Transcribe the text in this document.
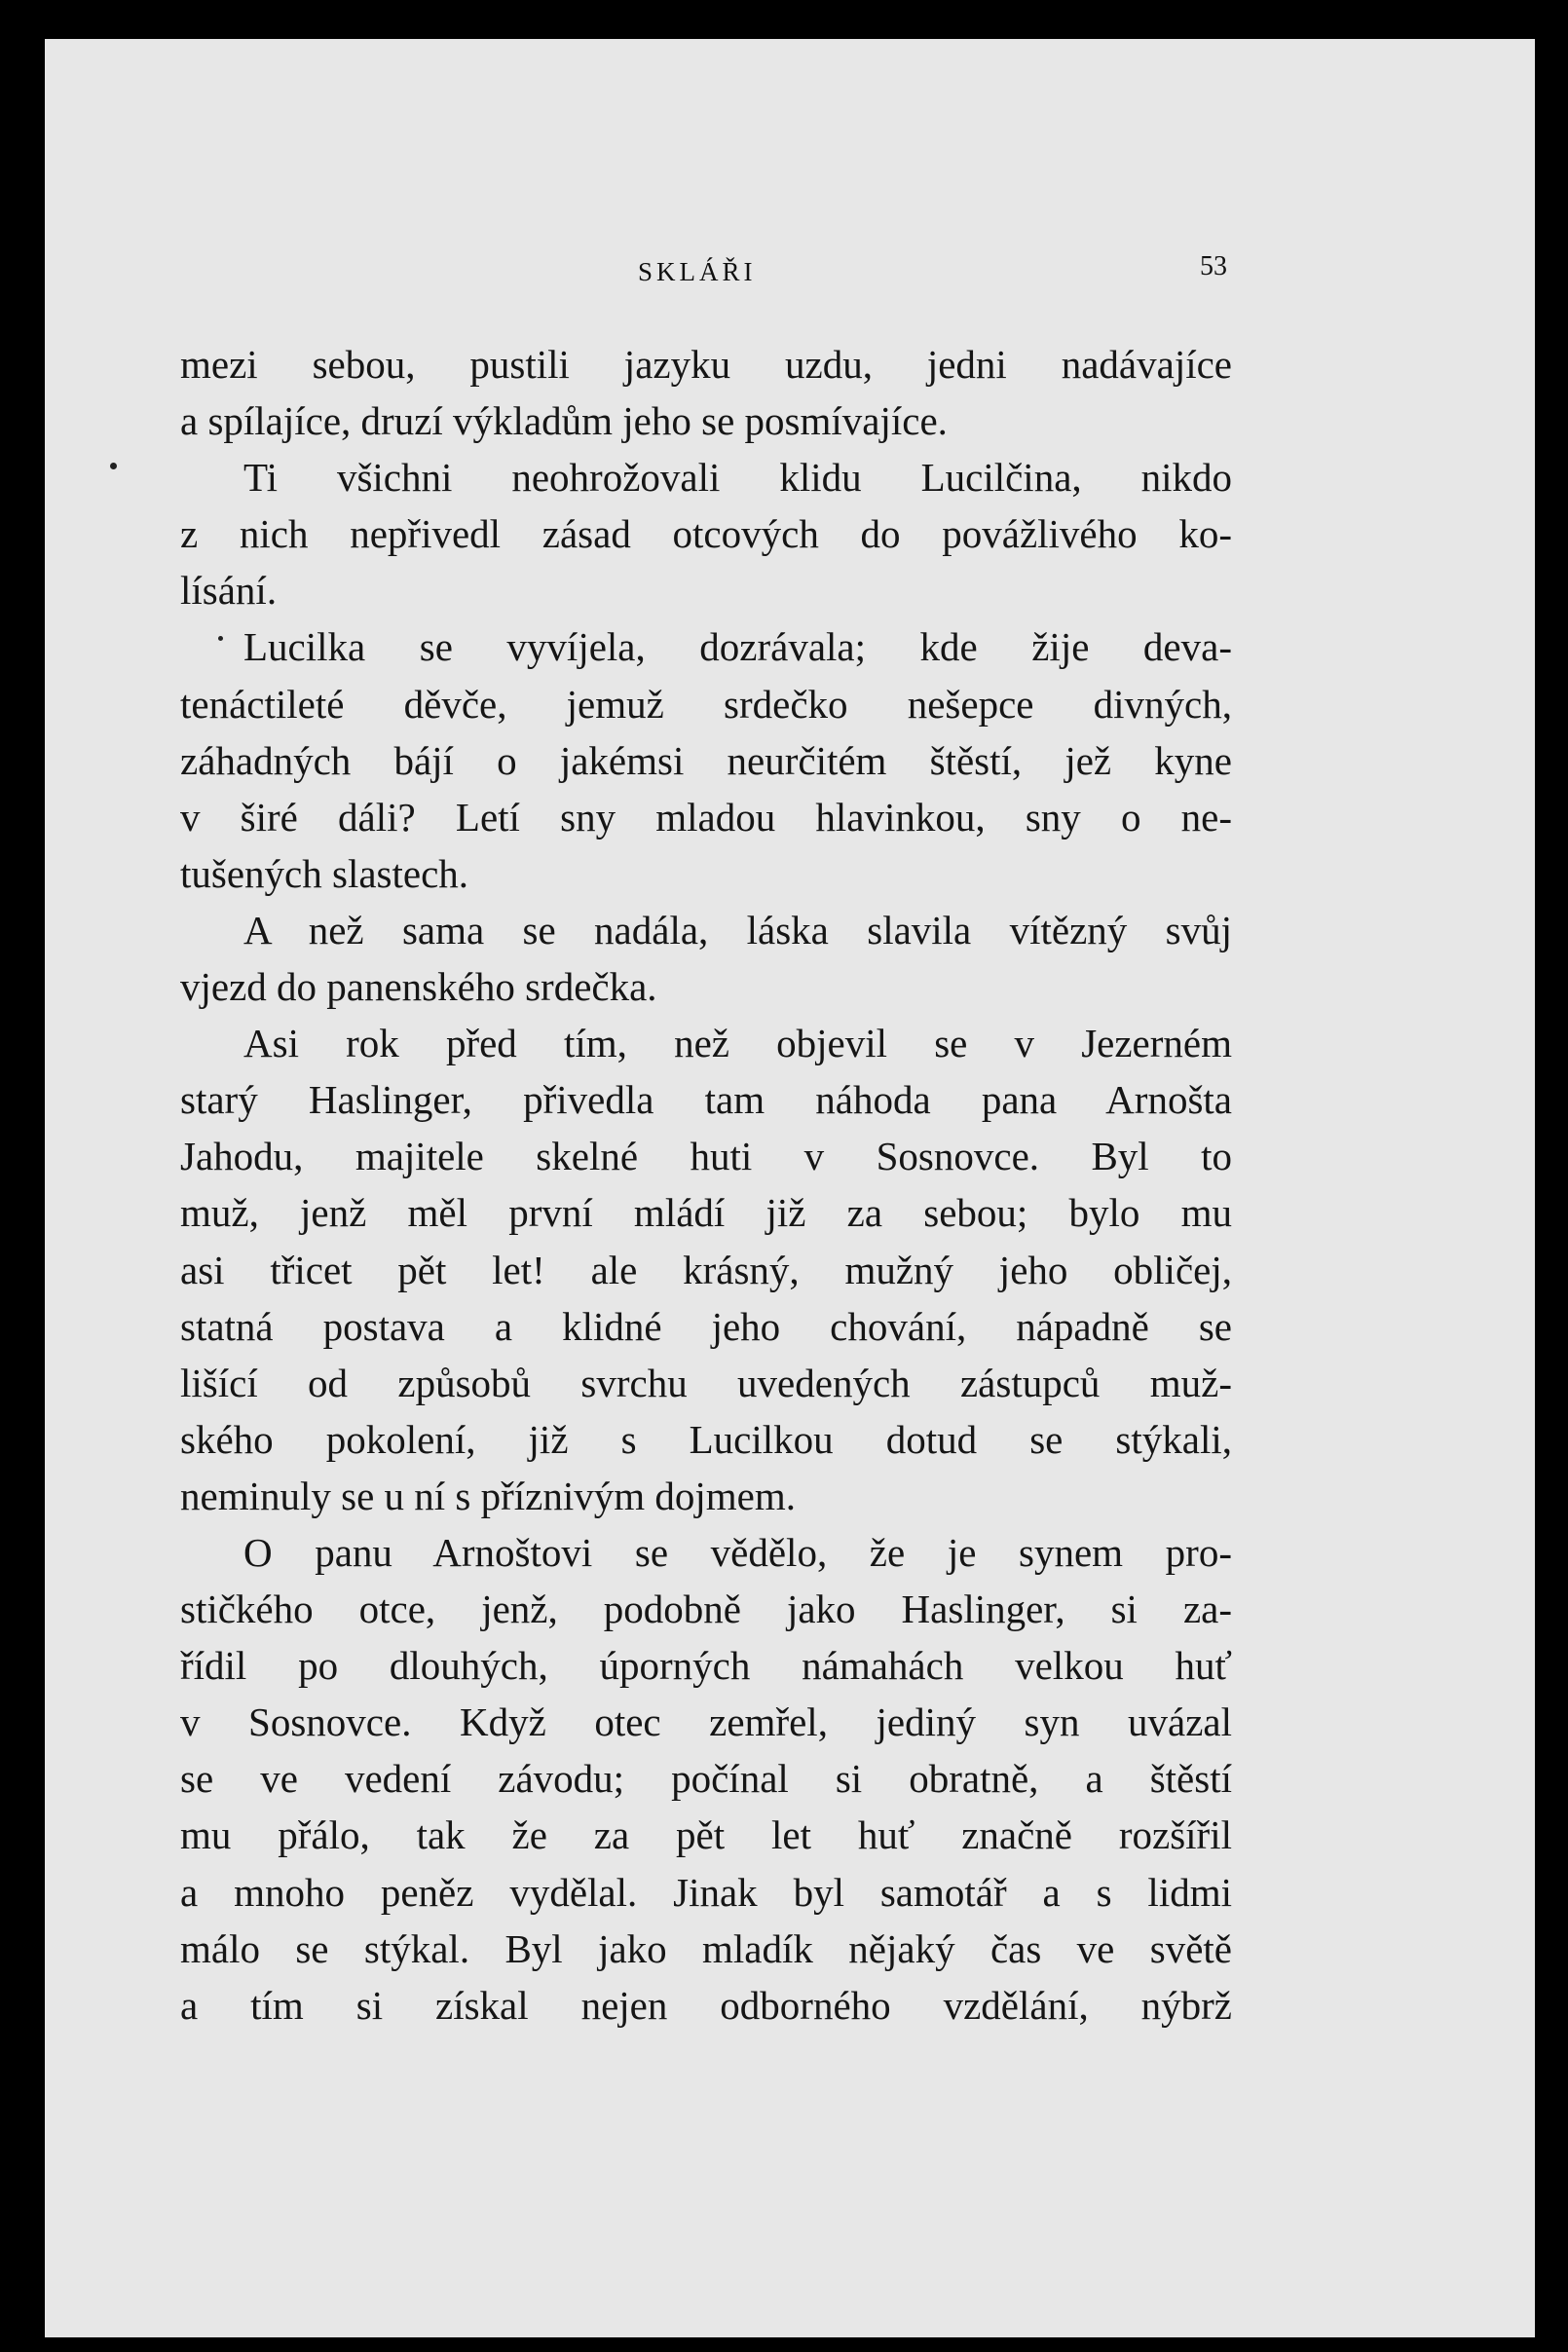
SKLÁŘI	53
mezi sebou, pustili jazyku uzdu, jedni nadávajíce
a spílajíce, druzí výkladům jeho se posmívajíce.
Ti všichni neohrožovali klidu Lucilčina, nikdo
z nich nepřivedl zásad otcových do povážlivého ko-
lísání.
Lucilka se vyvíjela, dozrávala; kde žije deva-
tenáctileté děvče, jemuž srdečko nešepce divných,
záhadných bájí o jakémsi neurčitém štěstí, jež kyne
v širé dáli? Letí sny mladou hlavinkou, sny o ne-
tušených slastech.
A než sama se nadála, láska slavila vítězný svůj
vjezd do panenského srdečka.
Asi rok před tím, než objevil se v Jezerném
starý Haslinger, přivedla tam náhoda pana Arnošta
Jahodu, majitele skelné huti v Sosnovce. Byl to
muž, jenž měl první mládí již za sebou; bylo mu
asi třicet pět let! ale krásný, mužný jeho obličej,
statná postava a klidné jeho chování, nápadně se
lišící od způsobů svrchu uvedených zástupců muž-
ského pokolení, již s Lucilkou dotud se stýkali,
neminuly se u ní s příznivým dojmem.
O panu Arnoštovi se vědělo, že je synem pro-
stičkého otce, jenž, podobně jako Haslinger, si za-
řídil po dlouhých, úporných námahách velkou huť
v Sosnovce. Když otec zemřel, jediný syn uvázal
se ve vedení závodu; počínal si obratně, a štěstí
mu přálo, tak že za pět let huť značně rozšířil
a mnoho peněz vydělal. Jinak byl samotář a s lidmi
málo se stýkal. Byl jako mladík nějaký čas ve světě
a tím si získal nejen odborného vzdělání, nýbrž
